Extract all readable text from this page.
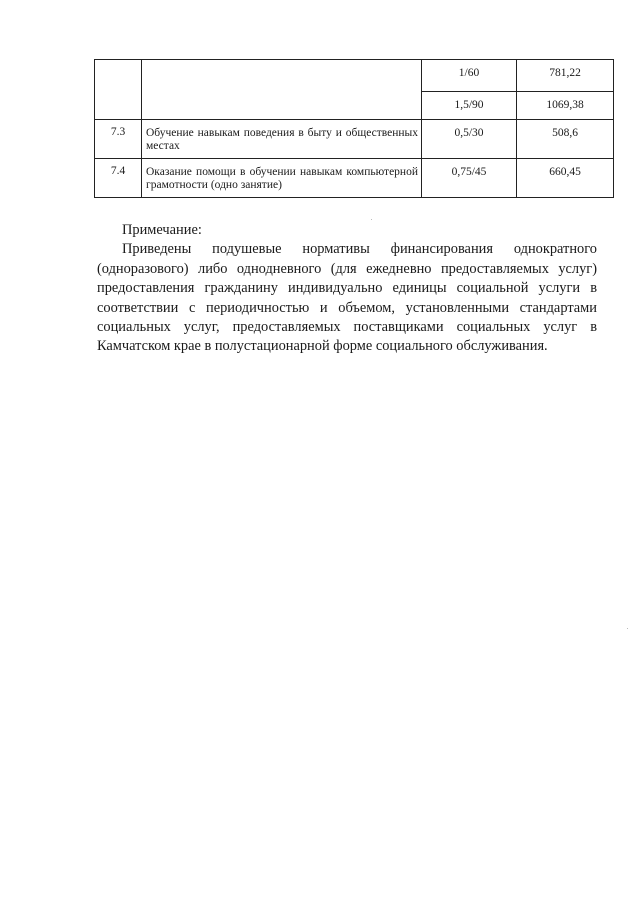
		1/60	781,22
		1,5/90	1069,38
7.3	Обучение навыкам поведения в быту и общественных местах	0,5/30	508,6
7.4	Оказание помощи в обучении навыкам компьютерной грамотности (одно занятие)	0,75/45	660,45
Примечание:
Приведены подушевые нормативы финансирования однократного (одноразового) либо однодневного (для ежедневно предоставляемых услуг) предоставления гражданину индивидуально единицы социальной услуги в соответствии с периодичностью и объемом, установленными стандартами социальных услуг, предоставляемых поставщиками социальных услуг в Камчатском крае в полустационарной форме социального обслуживания.
